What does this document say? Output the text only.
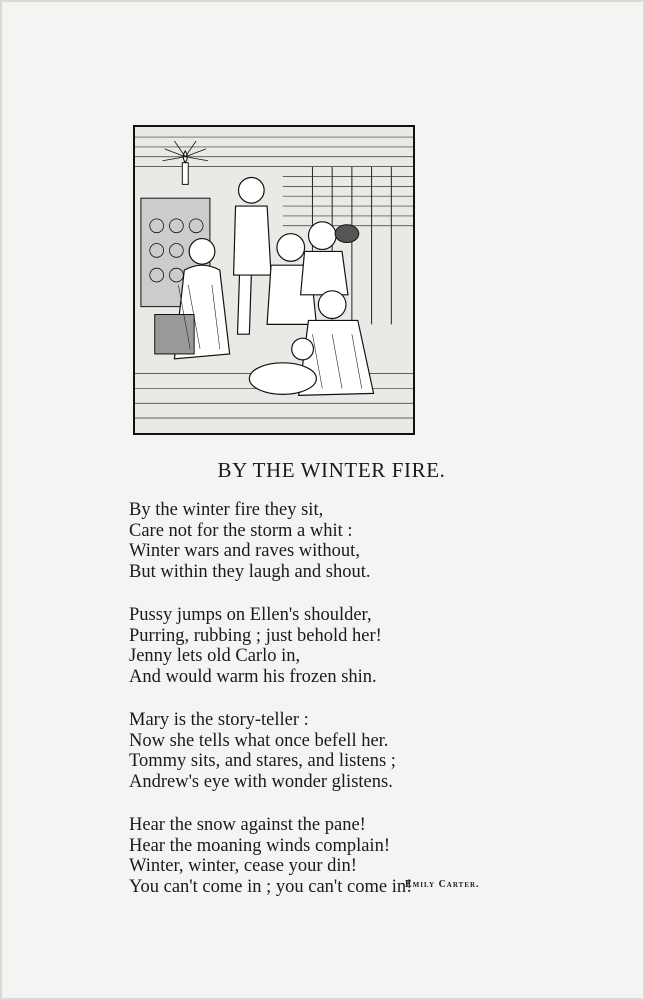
BY THE WINTER FIRE.
By the winter fire they sit,
Care not for the storm a whit :
Winter wars and raves without,
But within they laugh and shout.
Pussy jumps on Ellen's shoulder,
Purring, rubbing ; just behold her!
Jenny lets old Carlo in,
And would warm his frozen shin.
Mary is the story-teller :
Now she tells what once befell her.
Tommy sits, and stares, and listens ;
Andrew's eye with wonder glistens.
Hear the snow against the pane!
Hear the moaning winds complain!
Winter, winter, cease your din!
You can't come in ; you can't come in!
Emily Carter.
